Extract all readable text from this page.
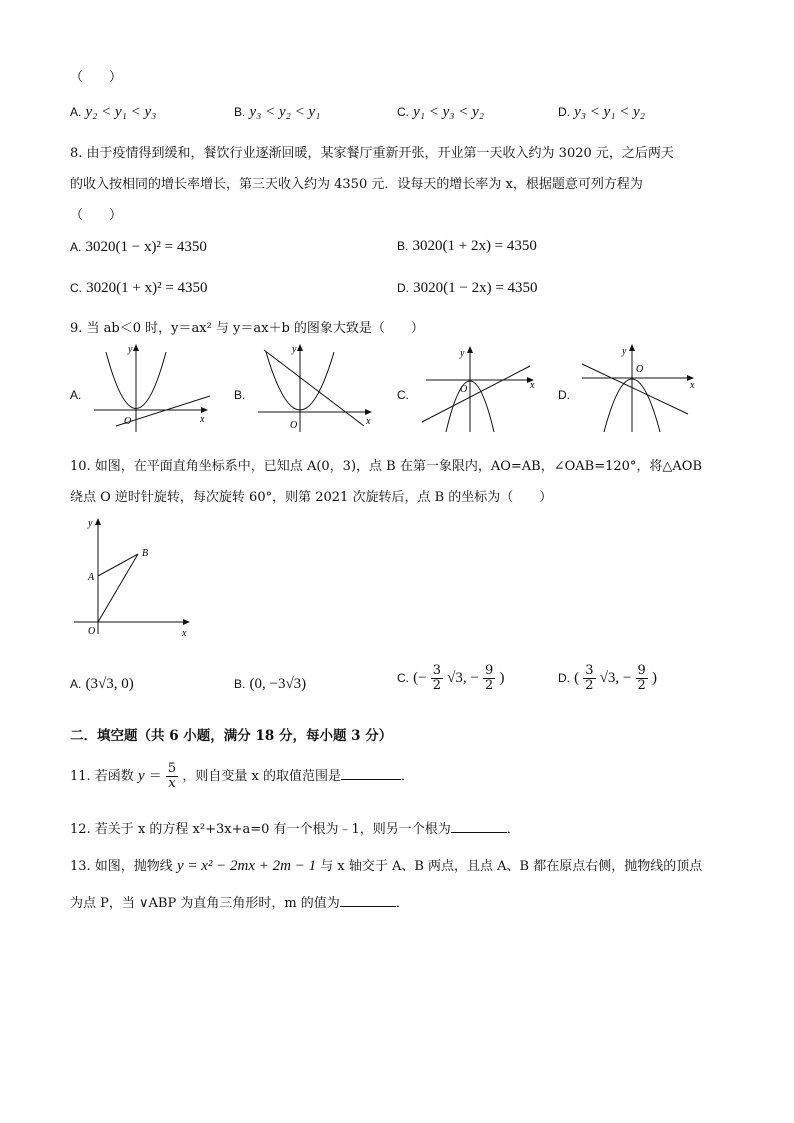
（　　）
A. y₂ < y₁ < y₃	B. y₃ < y₂ < y₁	C. y₁ < y₃ < y₂	D. y₃ < y₁ < y₂
8. 由于疫情得到缓和，餐饮行业逐渐回暖，某家餐厅重新开张，开业第一天收入约为 3020 元，之后两天
的收入按相同的增长率增长，第三天收入约为 4350 元．设每天的增长率为 x，根据题意可列方程为
（　　）
A. 3020(1 − x)² = 4350	B. 3020(1 + 2x) = 4350
C. 3020(1 + x)² = 4350	D. 3020(1 − 2x) = 4350
9. 当 ab＜0 时，y＝ax² 与 y＝ax＋b 的图象大致是（　　）
A.
y
x
O
B.
y
x
O
C.
y
x
O	D.
y
x
O
10. 如图，在平面直角坐标系中，已知点 A(0，3)，点 B 在第一象限内，AO=AB，∠OAB=120°，将△AOB
绕点 O 逆时针旋转，每次旋转 60°，则第 2021 次旋转后，点 B 的坐标为（　　）
y
A
B
O	x
A. (3√3, 0)	B. (0, −3√3)	C. (− $\frac{3}{2} √3$, − $\frac{9}{2}$ )	D. ( $\frac{3}{2} √3$, − $\frac{9}{2}$ )
二．填空题（共 6 小题，满分 18 分，每小题 3 分）
11. 若函数 $y = \frac{5}{x}$ ，则自变量 x 的取值范围是	．
12. 若关于 x 的方程 x²+3x+a=0 有一个根为﹣1，则另一个根为	．
13. 如图，抛物线 y = x² − 2mx + 2m − 1 与 x 轴交于 A、B 两点，且点 A、B 都在原点右侧，抛物线的顶点
为点 P，当 ∨ABP 为直角三角形时，m 的值为	．
